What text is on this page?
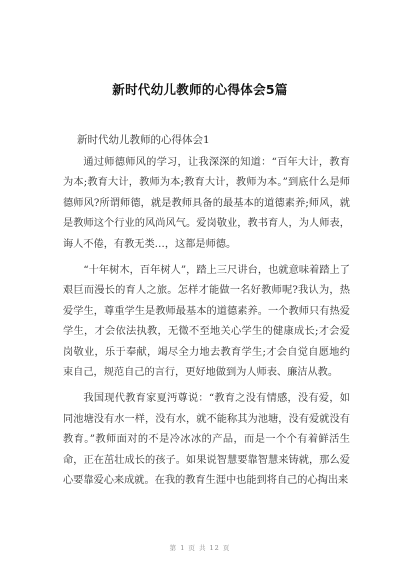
新时代幼儿教师的心得体会5篇
新时代幼儿教师的心得体会1

通过师德师风的学习，让我深深的知道：“百年大计，教育为本;教育大计，教师为本;教育大计，教师为本。”到底什么是师德师风?所谓师德，就是教师具备的最基本的道德素养;师风，就是教师这个行业的风尚风气。爱岗敬业，教书育人，为人师表，诲人不倦，有教无类…，这都是师德。

“十年树木，百年树人”，踏上三尺讲台，也就意味着踏上了艰巨而漫长的育人之旅。怎样才能做一名好教师呢?我认为，热爱学生，尊重学生是教师最基本的道德素养。一个教师只有热爱学生，才会依法执教，无微不至地关心学生的健康成长;才会爱岗敬业，乐于奉献，竭尽全力地去教育学生;才会自觉自愿地约束自己，规范自己的言行，更好地做到为人师表、廉洁从教。

我国现代教育家夏沔尊说：“教育之没有情感，没有爱，如同池塘没有水一样，没有水，就不能称其为池塘，没有爱就没有教育。”教师面对的不是冷冰冰的产品，而是一个个有着鲜活生命，正在茁壮成长的孩子。如果说智慧要靠智慧来铸就，那么爱心要靠爱心来成就。在我的教育生涯中也能到将自己的心掏出来

第 1 页 共 12 页
